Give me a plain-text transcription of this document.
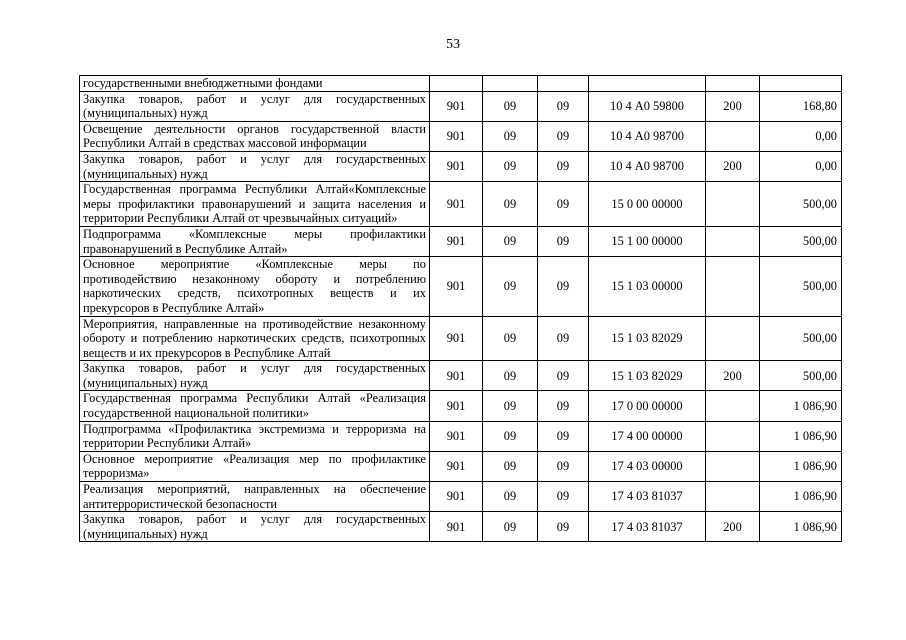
53
государственными внебюджетными фондами						
Закупка товаров, работ и услуг для государственных (муниципальных) нужд	901	09	09	10 4 А0 59800	200	168,80
Освещение деятельности органов государственной власти Республики Алтай в средствах массовой информации	901	09	09	10 4 А0 98700		0,00
Закупка товаров, работ и услуг для государственных (муниципальных) нужд	901	09	09	10 4 А0 98700	200	0,00
Государственная программа Республики Алтай«Комплексные меры профилактики правонарушений и защита населения и территории Республики Алтай от чрезвычайных ситуаций»	901	09	09	15 0 00 00000		500,00
Подпрограмма «Комплексные меры профилактики правонарушений в Республике Алтай»	901	09	09	15 1 00 00000		500,00
Основное мероприятие «Комплексные меры по противодействию незаконному обороту и потреблению наркотических средств, психотропных веществ и их прекурсоров в Республике Алтай»	901	09	09	15 1 03 00000		500,00
Мероприятия, направленные на противодействие незаконному обороту и потреблению наркотических средств, психотропных веществ и их прекурсоров в Республике Алтай	901	09	09	15 1 03 82029		500,00
Закупка товаров, работ и услуг для государственных (муниципальных) нужд	901	09	09	15 1 03 82029	200	500,00
Государственная программа Республики Алтай «Реализация государственной национальной политики»	901	09	09	17 0 00 00000		1 086,90
Подпрограмма «Профилактика экстремизма и терроризма на территории Республики Алтай»	901	09	09	17 4 00 00000		1 086,90
Основное мероприятие «Реализация мер по профилактике терроризма»	901	09	09	17 4 03 00000		1 086,90
Реализация мероприятий, направленных на обеспечение антитеррористической безопасности	901	09	09	17 4 03 81037		1 086,90
Закупка товаров, работ и услуг для государственных (муниципальных) нужд	901	09	09	17 4 03 81037	200	1 086,90
